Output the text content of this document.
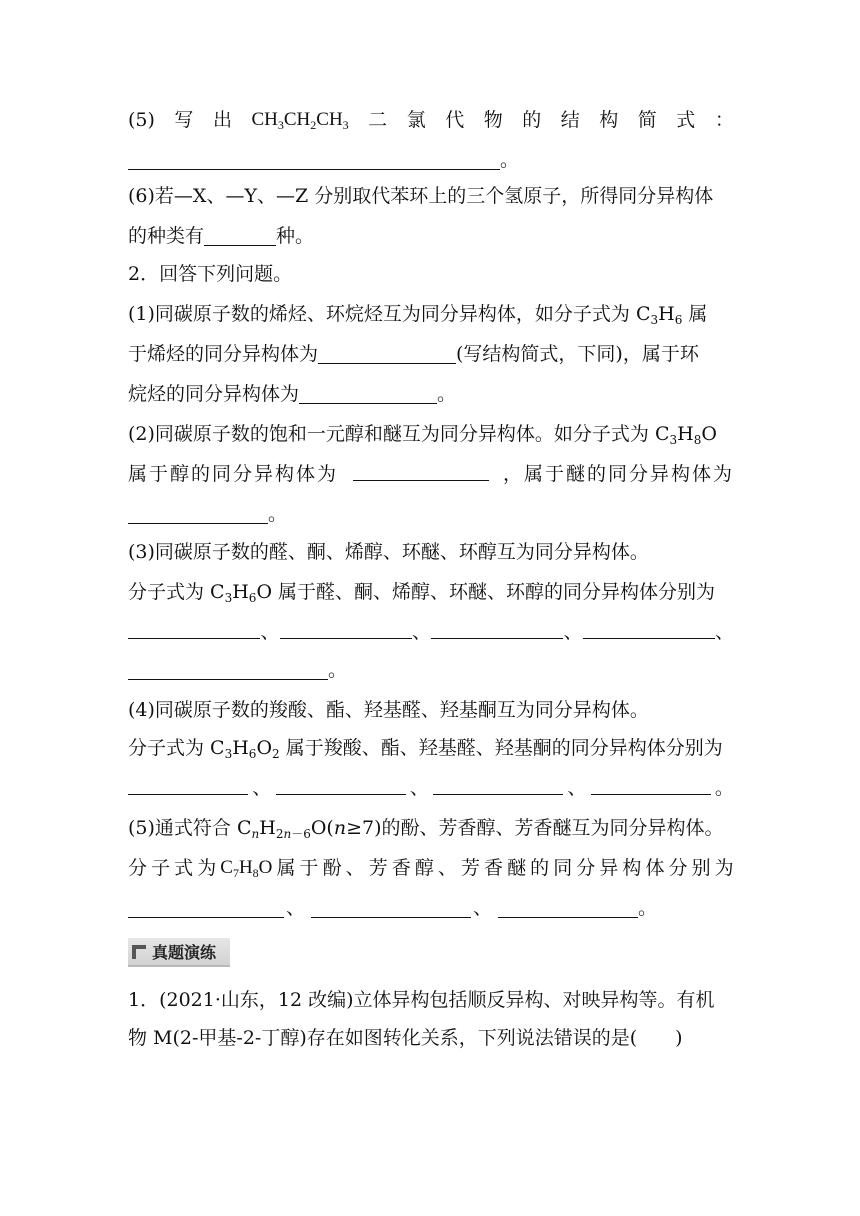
(5) 写 出 $CH_3CH_2CH_3$ 二 氯 代 物 的 结 构 简 式 ：
。
(6)若—X、—Y、—Z 分别取代苯环上的三个氢原子，所得同分异构体
的种类有	种。
2．回答下列问题。
(1)同碳原子数的烯烃、环烷烃互为同分异构体，如分子式为 $C_3H_6$ 属
于烯烃的同分异构体为	(写结构简式，下同)，属于环
烷烃的同分异构体为	。
(2)同碳原子数的饱和一元醇和醚互为同分异构体。如分子式为 $C_3H_8O$
属于醇的同分异构体为	，属于醚的同分异构体为
。
(3)同碳原子数的醛、酮、烯醇、环醚、环醇互为同分异构体。
分子式为 $C_3H_6O$ 属于醛、酮、烯醇、环醚、环醇的同分异构体分别为
、	、	、	、
。
(4)同碳原子数的羧酸、酯、羟基醛、羟基酮互为同分异构体。
分子式为 $C_3H_6O_2$ 属于羧酸、酯、羟基醛、羟基酮的同分异构体分别为
、	、	、	。
(5)通式符合 $C_nH_{2n-6}O(n\ge 7)$的酚、芳香醇、芳香醚互为同分异构体。
分 子 式 为 $C_7H_8O$ 属 于 酚 、 芳 香 醇 、 芳 香 醚 的 同 分 异 构 体 分 别 为
、	、	。
真题演练
1．(2021·山东，12 改编)立体异构包括顺反异构、对映异构等。有机
物 M(2-甲基-2-丁醇)存在如图转化关系，下列说法错误的是(　　)
